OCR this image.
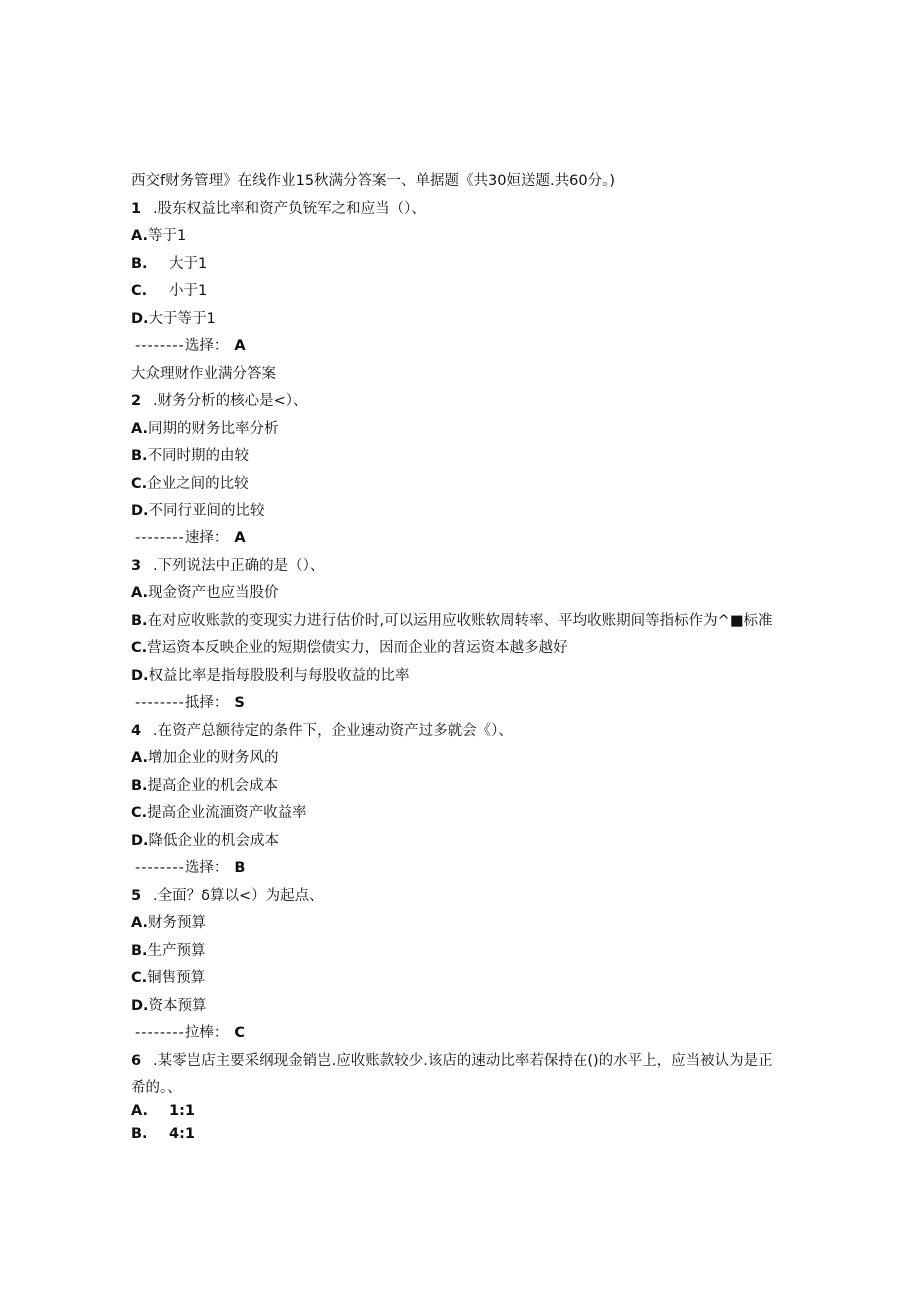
西交f财务管理》在线作业15秋满分答案一、单据题《共30姮送题.共60分。)
1 .股东权益比率和资产负铳军之和应当（）、
A.等于1
B. 大于1
C. 小于1
D.大于等于1
--------选择： A
大众理财作业满分答案
2 .财务分析的核心是<）、
A.同期的财务比率分析
B.不同时期的由较
C.企业之间的比较
D.不同行亚间的比较
--------速择： A
3 .下列说法中正确的是（）、
A.现金资产也应当股价
B.在对应收账款的变现实力进行估价时,可以运用应收账软周转率、平均收账期间等指标作为^■标准
C.营运资本反映企业的短期偿债实力，因而企业的苕运资本越多越好
D.权益比率是指每股股利与每股收益的比率
--------抵择： S
4 .在资产总额待定的条件下，企业速动资产过多就会《）、
A.增加企业的财务风的
B.提高企业的机会成本
C.提高企业流湎资产收益率
D.降低企业的机会成本
--------选择： B
5 .全面？δ算以<）为起点、
A.财务预算
B.生产预算
C.铜售预算
D.资本预算
--------拉棒： C
6 .某零岂店主要采纲现金销岂.应收账款较少.该店的速动比率若保持在()的水平上，应当被认为是正
希的。、
A. 1:1
B. 4:1
